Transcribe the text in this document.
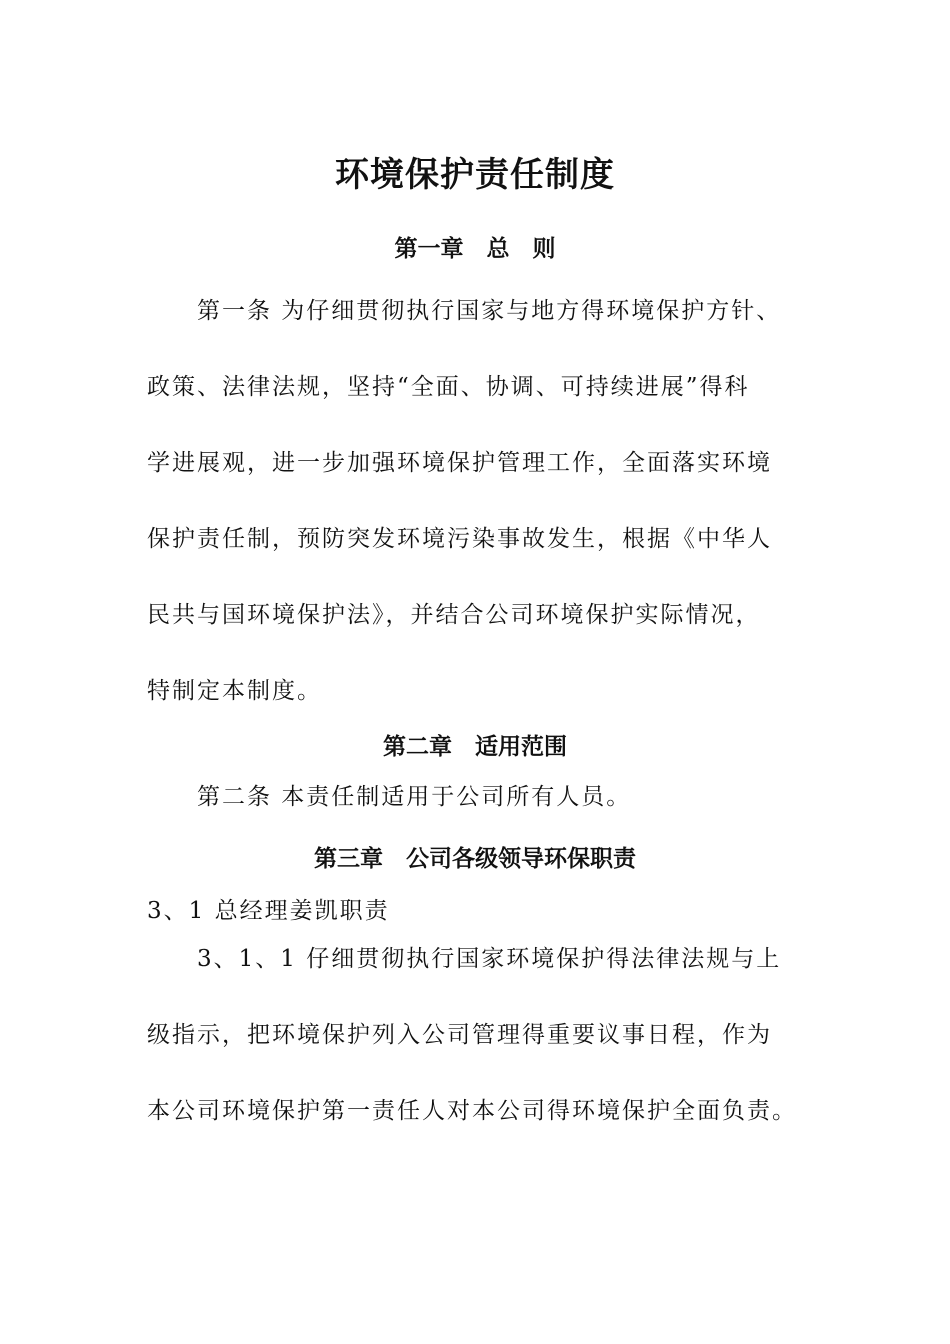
环境保护责任制度
第一章　总　则
第一条 为仔细贯彻执行国家与地方得环境保护方针、
政策、法律法规，坚持“全面、协调、可持续进展”得科
学进展观，进一步加强环境保护管理工作，全面落实环境
保护责任制，预防突发环境污染事故发生，根据《中华人
民共与国环境保护法》，并结合公司环境保护实际情况，
特制定本制度。
第二章　适用范围
第二条 本责任制适用于公司所有人员。
第三章　公司各级领导环保职责
3、1 总经理姜凯职责
3、1、1 仔细贯彻执行国家环境保护得法律法规与上
级指示，把环境保护列入公司管理得重要议事日程，作为
本公司环境保护第一责任人对本公司得环境保护全面负责。
